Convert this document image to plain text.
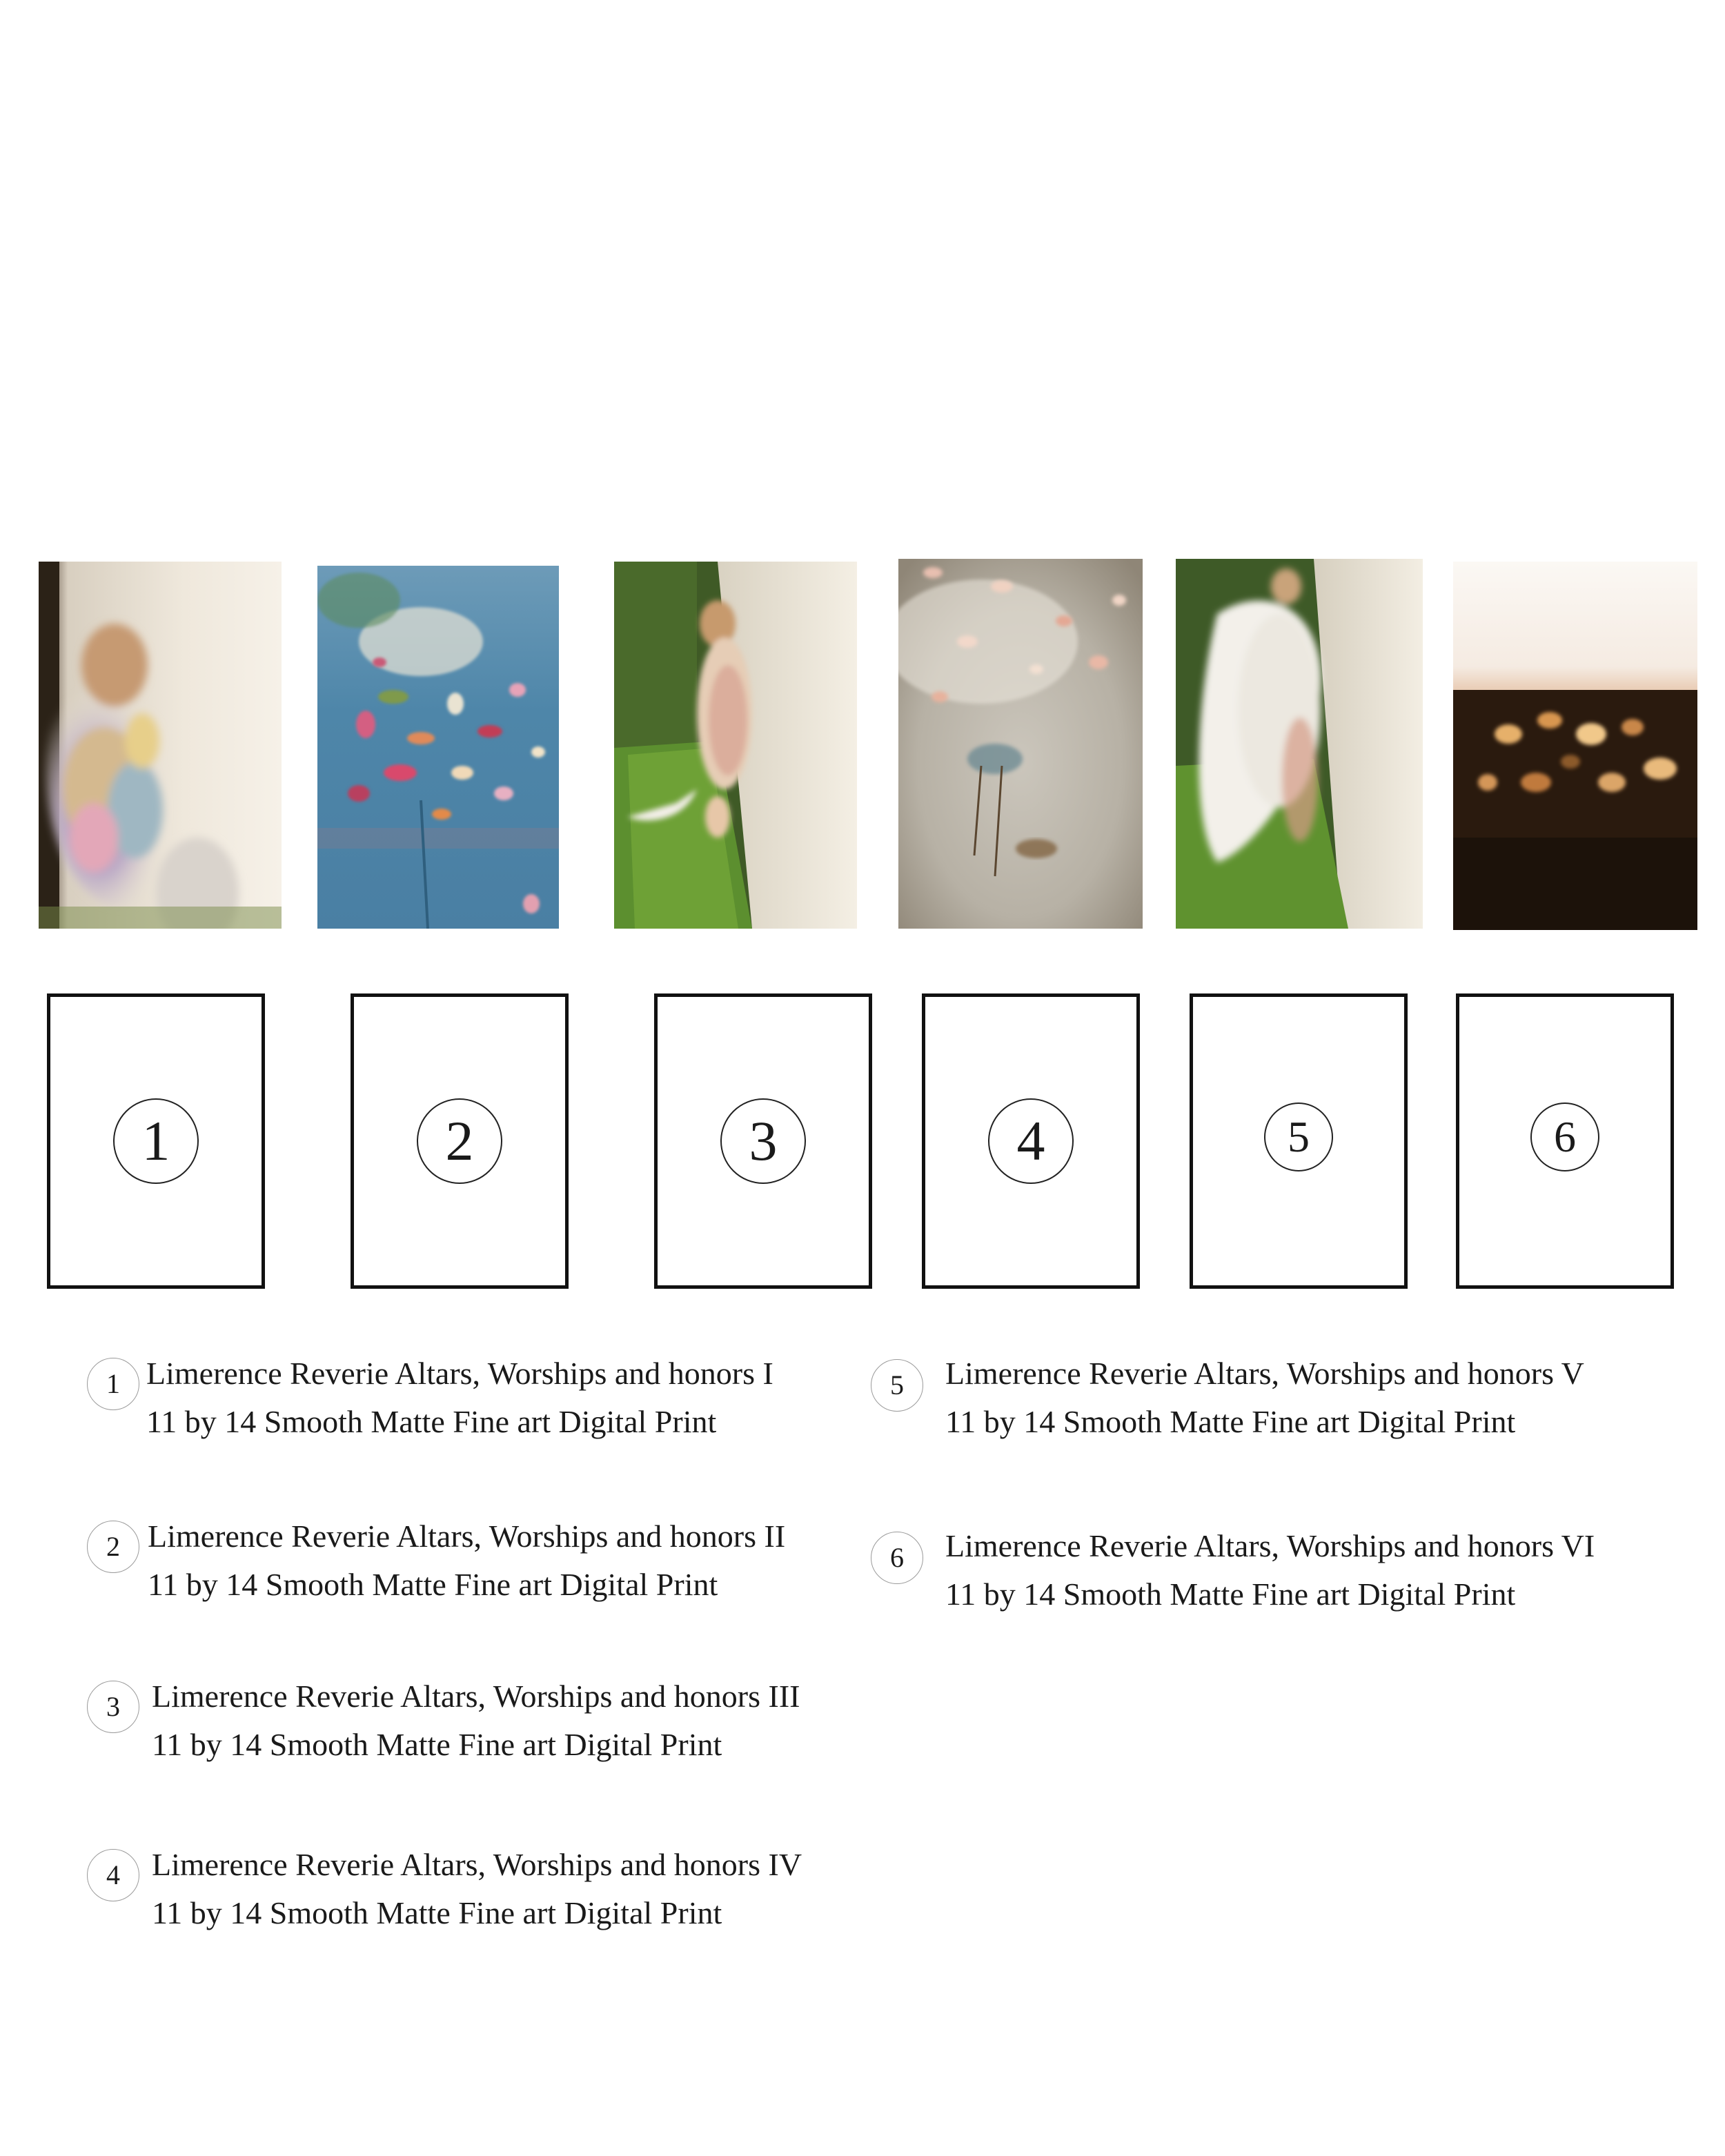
1	2	3	4	5	6
1 Limerence Reverie Altars, Worships and honors I
11 by 14 Smooth Matte Fine art Digital Print
2 Limerence Reverie Altars, Worships and honors II
11 by 14 Smooth Matte Fine art Digital Print
3	Limerence Reverie Altars, Worships and honors III
11 by 14 Smooth Matte Fine art Digital Print
4	Limerence Reverie Altars, Worships and honors IV
11 by 14 Smooth Matte Fine art Digital Print
5	Limerence Reverie Altars, Worships and honors V
11 by 14 Smooth Matte Fine art Digital Print
6	Limerence Reverie Altars, Worships and honors VI
11 by 14 Smooth Matte Fine art Digital Print
